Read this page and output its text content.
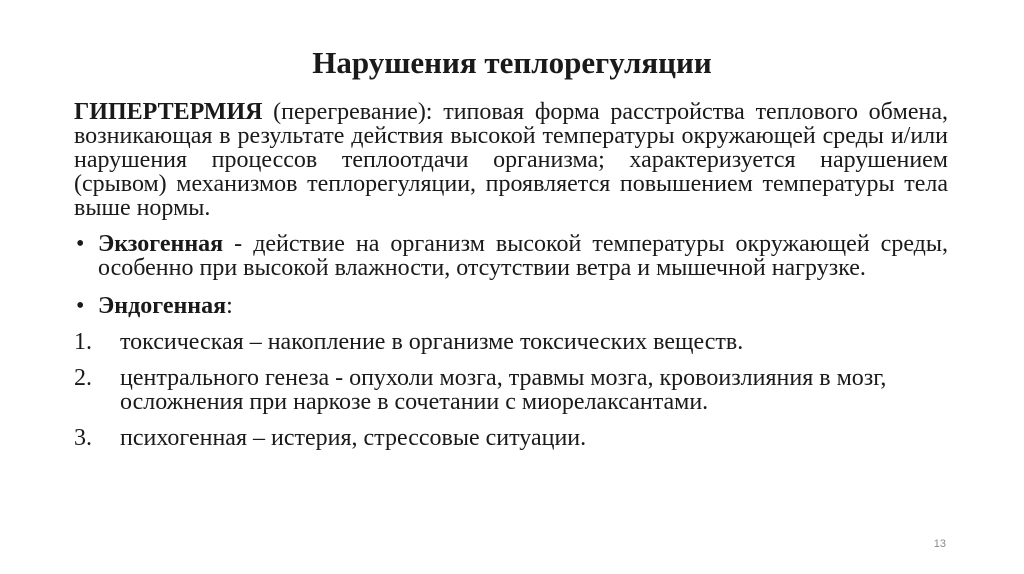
Нарушения теплорегуляции

ГИПЕРТЕРМИЯ (перегревание): типовая форма расстройства теплового обмена, возникающая в результате действия высокой температуры окружающей среды и/или нарушения процессов теплоотдачи организма; характеризуется нарушением (срывом) механизмов теплорегуляции, проявляется повышением температуры тела выше нормы.

• Экзогенная - действие на организм высокой температуры окружающей среды, особенно при высокой влажности, отсутствии ветра и мышечной нагрузке.
• Эндогенная:
1. токсическая – накопление в организме токсических веществ.
2. центрального генеза - опухоли мозга, травмы мозга, кровоизлияния в мозг, осложнения при наркозе в сочетании с миорелаксантами.
3. психогенная – истерия, стрессовые ситуации.
13
